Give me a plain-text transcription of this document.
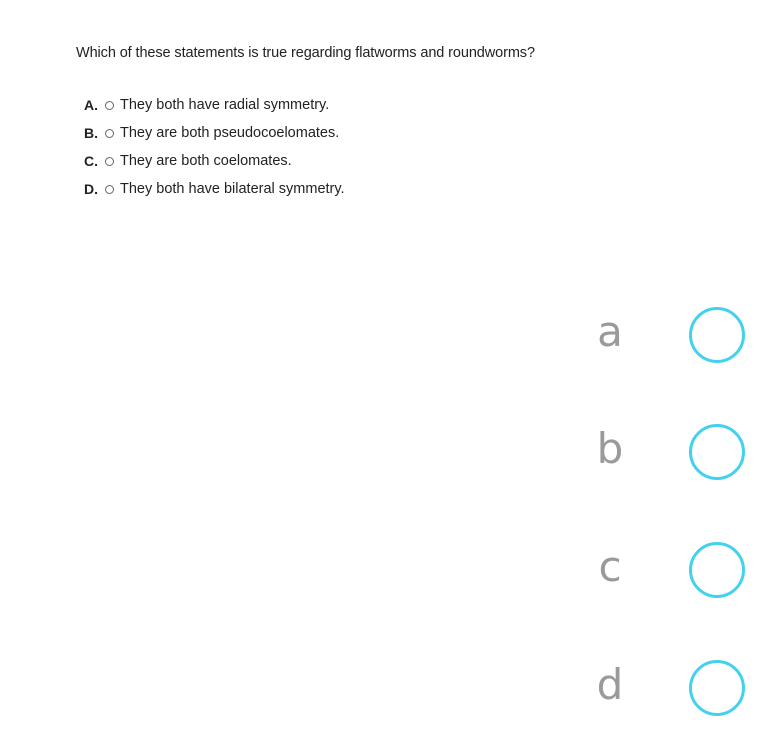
Which of these statements is true regarding flatworms and roundworms?
A.	They both have radial symmetry.
B.	They are both pseudocoelomates.
C.	They are both coelomates.
D.	They both have bilateral symmetry.
a
b
c
d
